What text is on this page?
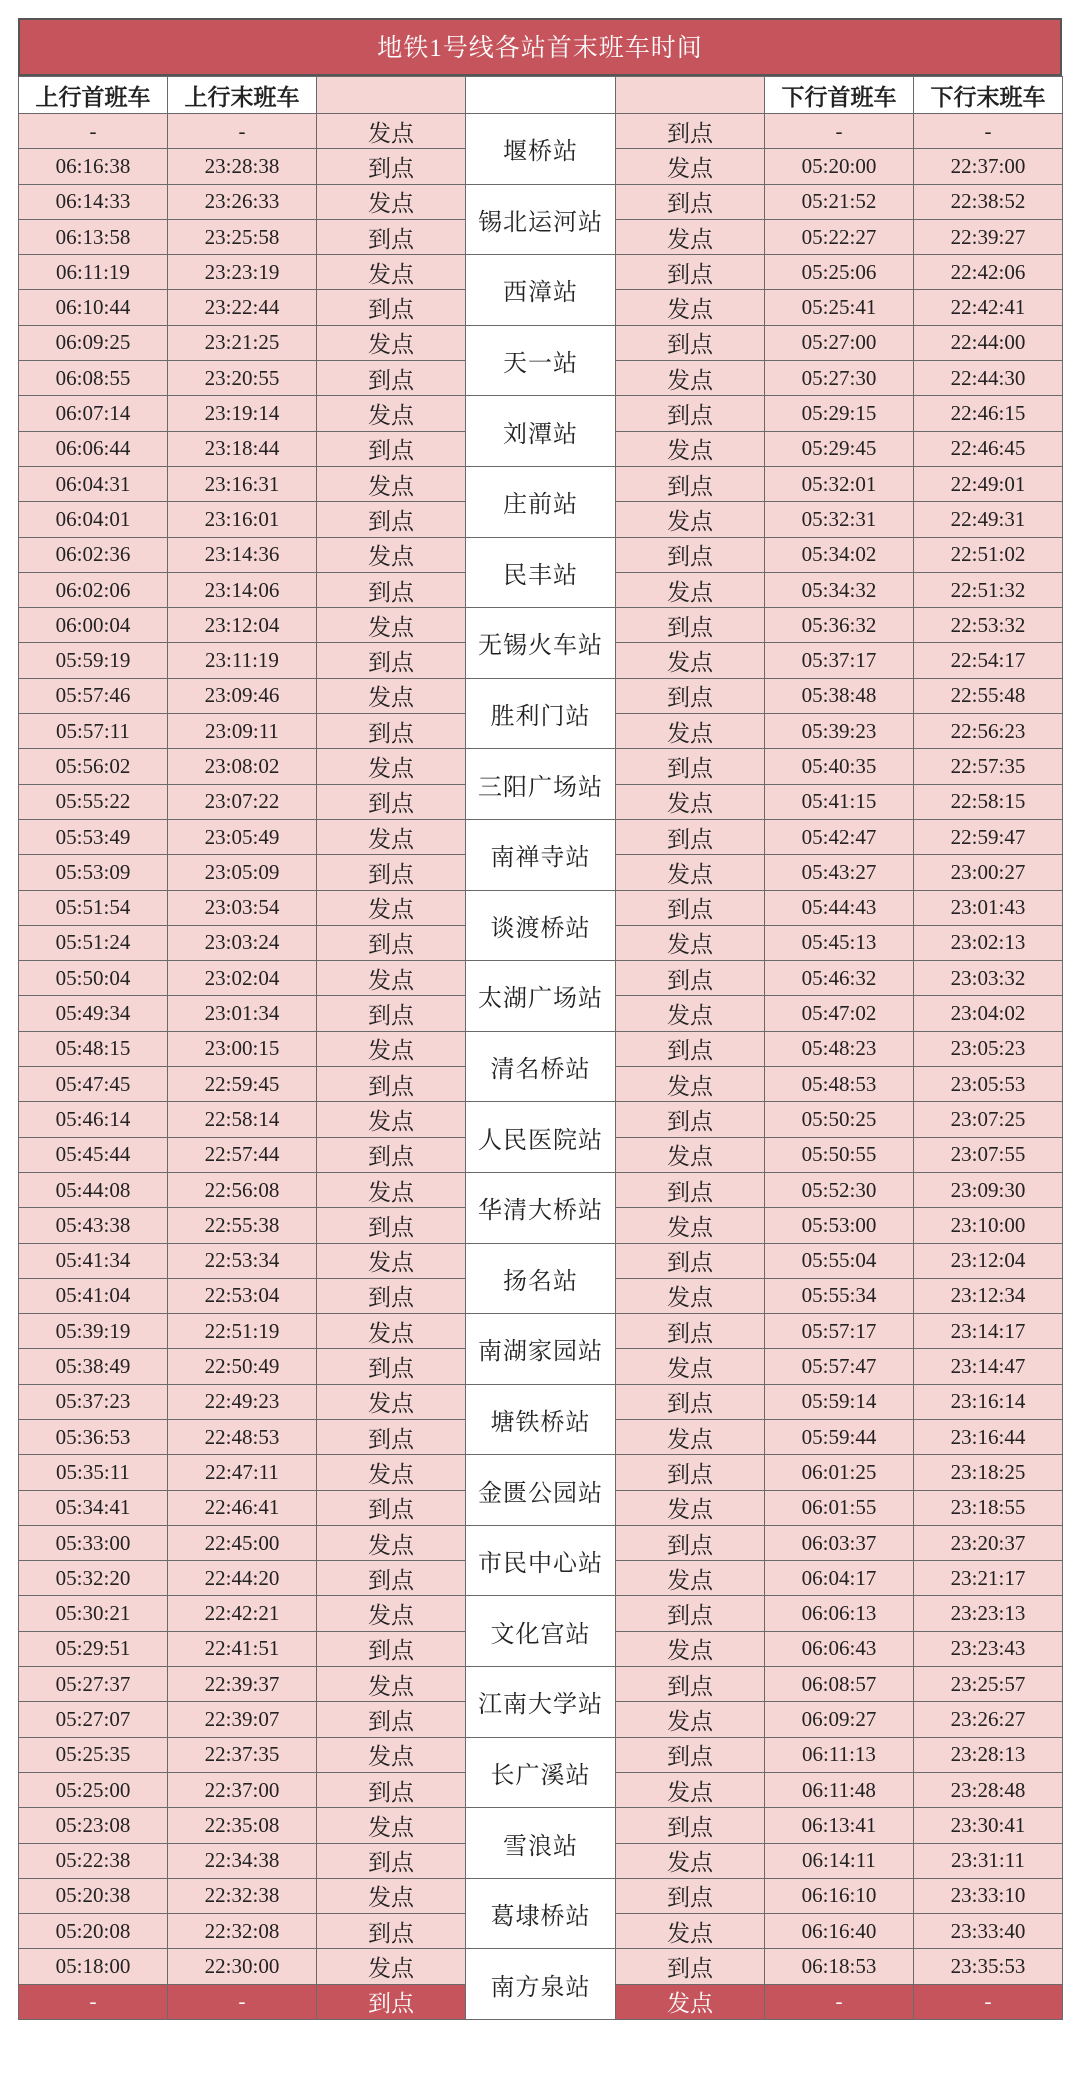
地铁1号线各站首末班车时间
上行首班车	上行末班车				下行首班车	下行末班车
-	-	发点	堰桥站	到点	-	-
06:16:38	23:28:38	到点		发点	05:20:00	22:37:00
06:14:33	23:26:33	发点	锡北运河站	到点	05:21:52	22:38:52
06:13:58	23:25:58	到点		发点	05:22:27	22:39:27
06:11:19	23:23:19	发点	西漳站	到点	05:25:06	22:42:06
06:10:44	23:22:44	到点		发点	05:25:41	22:42:41
06:09:25	23:21:25	发点	天一站	到点	05:27:00	22:44:00
06:08:55	23:20:55	到点		发点	05:27:30	22:44:30
06:07:14	23:19:14	发点	刘潭站	到点	05:29:15	22:46:15
06:06:44	23:18:44	到点		发点	05:29:45	22:46:45
06:04:31	23:16:31	发点	庄前站	到点	05:32:01	22:49:01
06:04:01	23:16:01	到点		发点	05:32:31	22:49:31
06:02:36	23:14:36	发点	民丰站	到点	05:34:02	22:51:02
06:02:06	23:14:06	到点		发点	05:34:32	22:51:32
06:00:04	23:12:04	发点	无锡火车站	到点	05:36:32	22:53:32
05:59:19	23:11:19	到点		发点	05:37:17	22:54:17
05:57:46	23:09:46	发点	胜利门站	到点	05:38:48	22:55:48
05:57:11	23:09:11	到点		发点	05:39:23	22:56:23
05:56:02	23:08:02	发点	三阳广场站	到点	05:40:35	22:57:35
05:55:22	23:07:22	到点		发点	05:41:15	22:58:15
05:53:49	23:05:49	发点	南禅寺站	到点	05:42:47	22:59:47
05:53:09	23:05:09	到点		发点	05:43:27	23:00:27
05:51:54	23:03:54	发点	谈渡桥站	到点	05:44:43	23:01:43
05:51:24	23:03:24	到点		发点	05:45:13	23:02:13
05:50:04	23:02:04	发点	太湖广场站	到点	05:46:32	23:03:32
05:49:34	23:01:34	到点		发点	05:47:02	23:04:02
05:48:15	23:00:15	发点	清名桥站	到点	05:48:23	23:05:23
05:47:45	22:59:45	到点		发点	05:48:53	23:05:53
05:46:14	22:58:14	发点	人民医院站	到点	05:50:25	23:07:25
05:45:44	22:57:44	到点		发点	05:50:55	23:07:55
05:44:08	22:56:08	发点	华清大桥站	到点	05:52:30	23:09:30
05:43:38	22:55:38	到点		发点	05:53:00	23:10:00
05:41:34	22:53:34	发点	扬名站	到点	05:55:04	23:12:04
05:41:04	22:53:04	到点		发点	05:55:34	23:12:34
05:39:19	22:51:19	发点	南湖家园站	到点	05:57:17	23:14:17
05:38:49	22:50:49	到点		发点	05:57:47	23:14:47
05:37:23	22:49:23	发点	塘铁桥站	到点	05:59:14	23:16:14
05:36:53	22:48:53	到点		发点	05:59:44	23:16:44
05:35:11	22:47:11	发点	金匮公园站	到点	06:01:25	23:18:25
05:34:41	22:46:41	到点		发点	06:01:55	23:18:55
05:33:00	22:45:00	发点	市民中心站	到点	06:03:37	23:20:37
05:32:20	22:44:20	到点		发点	06:04:17	23:21:17
05:30:21	22:42:21	发点	文化宫站	到点	06:06:13	23:23:13
05:29:51	22:41:51	到点		发点	06:06:43	23:23:43
05:27:37	22:39:37	发点	江南大学站	到点	06:08:57	23:25:57
05:27:07	22:39:07	到点		发点	06:09:27	23:26:27
05:25:35	22:37:35	发点	长广溪站	到点	06:11:13	23:28:13
05:25:00	22:37:00	到点		发点	06:11:48	23:28:48
05:23:08	22:35:08	发点	雪浪站	到点	06:13:41	23:30:41
05:22:38	22:34:38	到点		发点	06:14:11	23:31:11
05:20:38	22:32:38	发点	葛埭桥站	到点	06:16:10	23:33:10
05:20:08	22:32:08	到点		发点	06:16:40	23:33:40
05:18:00	22:30:00	发点	南方泉站	到点	06:18:53	23:35:53
-	-	到点		发点	-	-
